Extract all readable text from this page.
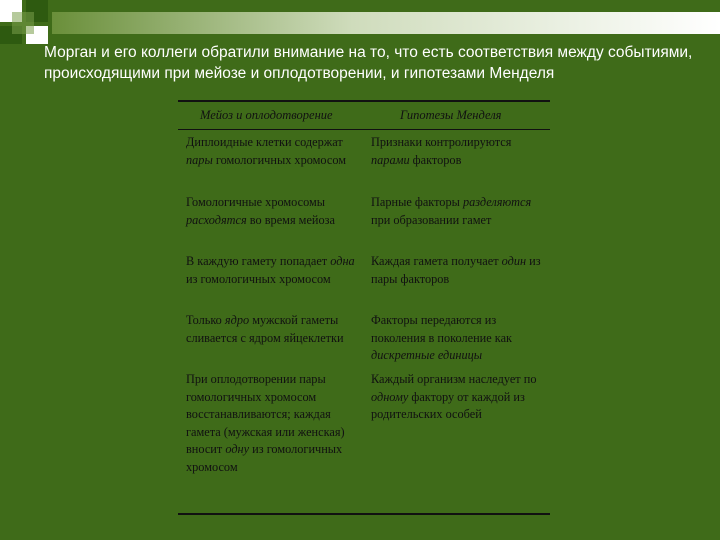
Морган и его коллеги обратили внимание на то, что есть соответствия между событиями, происходящими при мейозе и оплодотворении, и гипотезами Менделя
Мейоз и оплодотворение	Гипотезы Менделя
Диплоидные клетки содержат пары гомологичных хромосом
Признаки контролируются парами факторов
Гомологичные хромосомы расходятся во время мейоза
Парные факторы разделяются при образовании гамет
В каждую гамету попадает одна из гомологичных хромосом
Каждая гамета получает один из пары факторов
Только ядро мужской гаметы сливается с ядром яйцеклетки
Факторы передаются из поколения в поколение как дискретные единицы
При оплодотворении пары гомологичных хромосом восстанавливаются; каждая гамета (мужская или женская) вносит одну из гомологичных хромосом
Каждый организм наследует по одному фактору от каждой из родительских особей
